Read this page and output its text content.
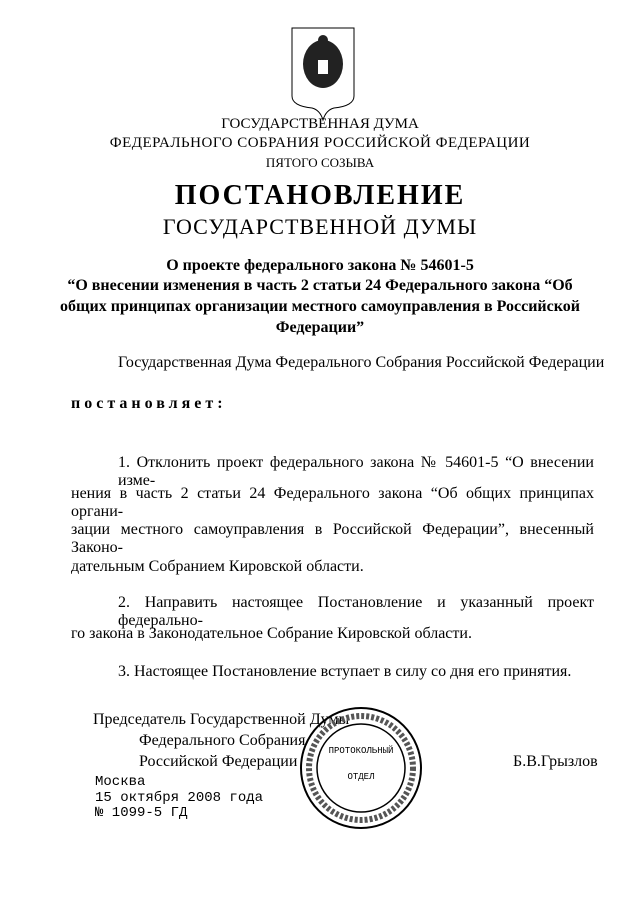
ГОСУДАРСТВЕННАЯ ДУМА
ФЕДЕРАЛЬНОГО СОБРАНИЯ РОССИЙСКОЙ ФЕДЕРАЦИИ
ПЯТОГО СОЗЫВА
ПОСТАНОВЛЕНИЕ
ГОСУДАРСТВЕННОЙ ДУМЫ
О проекте федерального закона № 54601-5
“О внесении изменения в часть 2 статьи 24 Федерального закона “Об
общих принципах организации местного самоуправления в Российской
Федерации”
Государственная Дума Федерального Собрания Российской Федерации
постановляет:
1. Отклонить проект федерального закона № 54601-5 “О внесении изме-
нения в часть 2 статьи 24 Федерального закона “Об общих принципах органи-
зации местного самоуправления в Российской Федерации”, внесенный Законо-
дательным Собранием Кировской области.
2. Направить настоящее Постановление и указанный проект федерально-
го закона в Законодательное Собрание Кировской области.
3. Настоящее Постановление вступает в силу со дня его принятия.
Председатель Государственной Думы
Федерального Собрания
Российской Федерации	Б.В.Грызлов
ПРОТОКОЛЬНЫЙ
ОТДЕЛ
Москва
15 октября 2008 года
№ 1099-5 ГД
